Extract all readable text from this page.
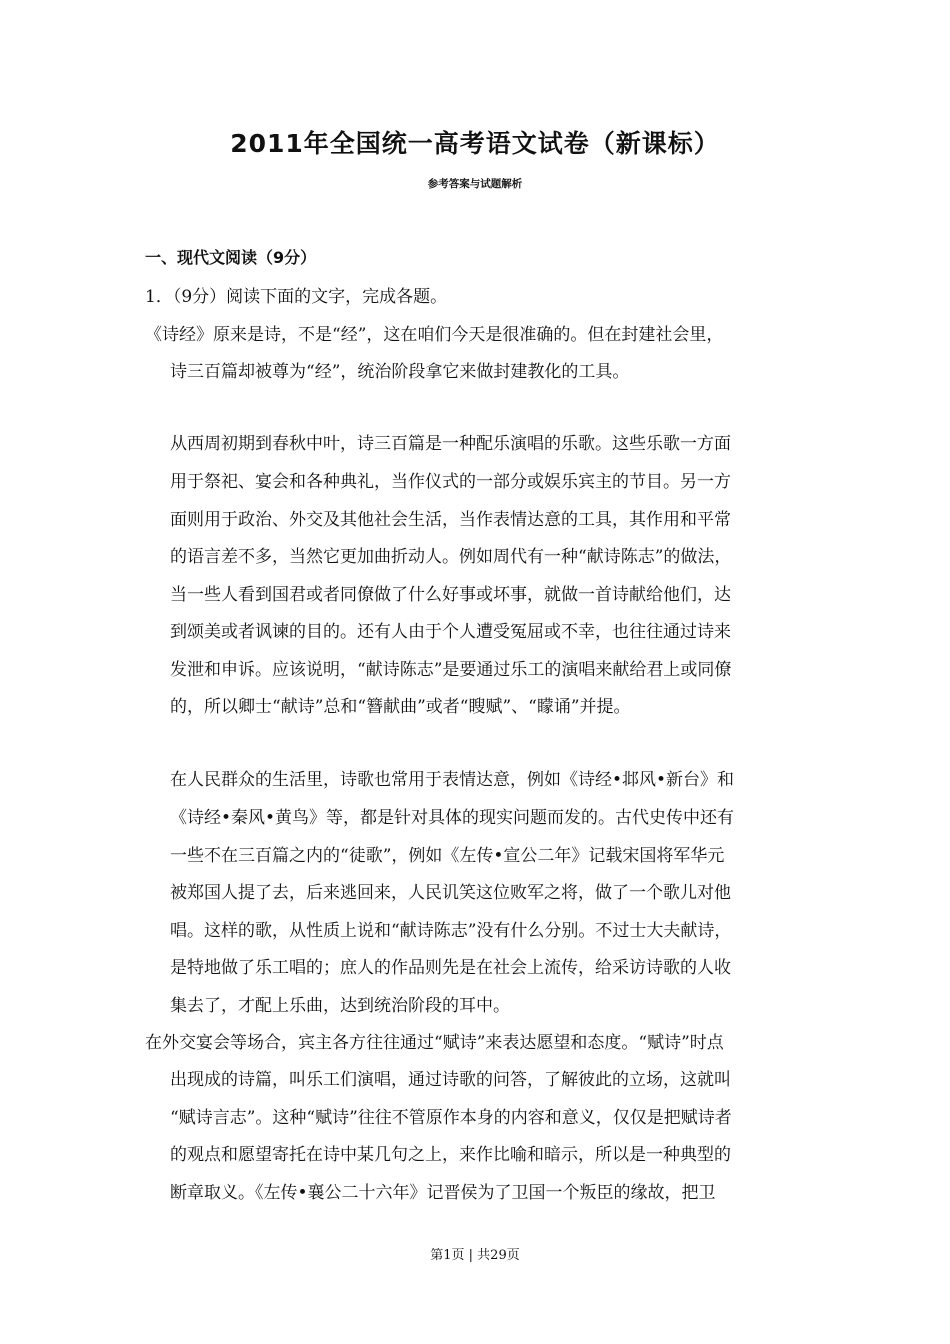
2011年全国统一高考语文试卷（新课标）
参考答案与试题解析
一、现代文阅读（9分）
1．（9分）阅读下面的文字，完成各题。
《诗经》原来是诗，不是“经”，这在咱们今天是很准确的。但在封建社会里，
诗三百篇却被尊为“经”，统治阶段拿它来做封建教化的工具。
从西周初期到春秋中叶，诗三百篇是一种配乐演唱的乐歌。这些乐歌一方面
用于祭祀、宴会和各种典礼，当作仪式的一部分或娱乐宾主的节目。另一方
面则用于政治、外交及其他社会生活，当作表情达意的工具，其作用和平常
的语言差不多，当然它更加曲折动人。例如周代有一种“献诗陈志”的做法，
当一些人看到国君或者同僚做了什么好事或坏事，就做一首诗献给他们，达
到颂美或者讽谏的目的。还有人由于个人遭受冤屈或不幸，也往往通过诗来
发泄和申诉。应该说明，“献诗陈志”是要通过乐工的演唱来献给君上或同僚
的，所以卿士“献诗”总和“簪献曲”或者“瞍赋”、“矇诵”并提。
在人民群众的生活里，诗歌也常用于表情达意，例如《诗经•邶风•新台》和
《诗经•秦风•黄鸟》等，都是针对具体的现实问题而发的。古代史传中还有
一些不在三百篇之内的“徒歌”，例如《左传•宣公二年》记载宋国将军华元
被郑国人提了去，后来逃回来，人民讥笑这位败军之将，做了一个歌儿对他
唱。这样的歌，从性质上说和“献诗陈志”没有什么分别。不过士大夫献诗，
是特地做了乐工唱的；庶人的作品则先是在社会上流传，给采访诗歌的人收
集去了，才配上乐曲，达到统治阶段的耳中。
在外交宴会等场合，宾主各方往往通过“赋诗”来表达愿望和态度。“赋诗”时点
出现成的诗篇，叫乐工们演唱，通过诗歌的问答，了解彼此的立场，这就叫
“赋诗言志”。这种“赋诗”往往不管原作本身的内容和意义，仅仅是把赋诗者
的观点和愿望寄托在诗中某几句之上，来作比喻和暗示，所以是一种典型的
断章取义。《左传•襄公二十六年》记晋侯为了卫国一个叛臣的缘故，把卫
第1页 | 共29页
